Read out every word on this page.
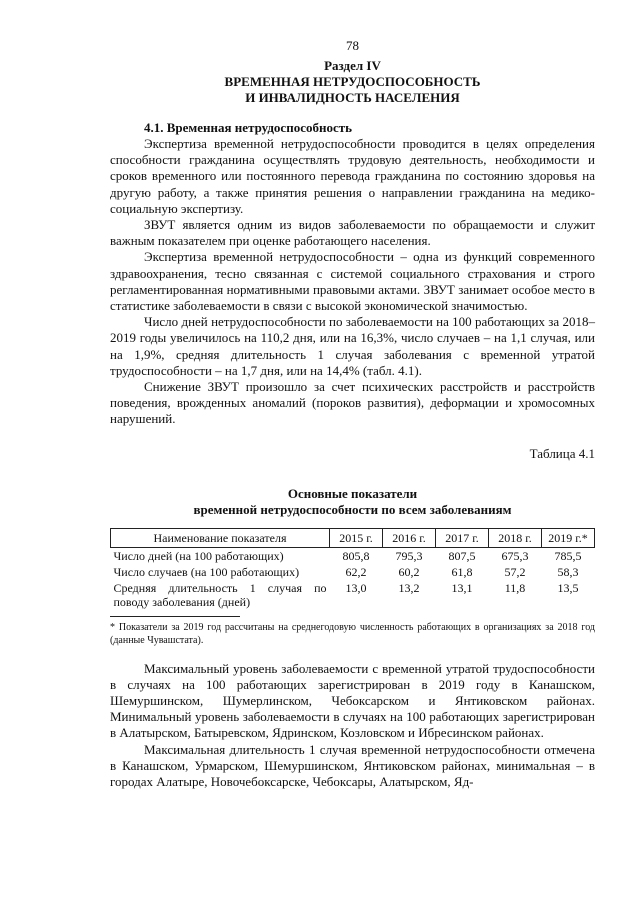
78
Раздел IV
ВРЕМЕННАЯ НЕТРУДОСПОСОБНОСТЬ
И ИНВАЛИДНОСТЬ НАСЕЛЕНИЯ
4.1. Временная нетрудоспособность

Экспертиза временной нетрудоспособности проводится в целях определения способности гражданина осуществлять трудовую деятельность, необходимости и сроков временного или постоянного перевода гражданина по состоянию здоровья на другую работу, а также принятия решения о направлении гражданина на медико-социальную экспертизу.

ЗВУТ является одним из видов заболеваемости по обращаемости и служит важным показателем при оценке работающего населения.

Экспертиза временной нетрудоспособности – одна из функций современного здравоохранения, тесно связанная с системой социального страхования и строго регламентированная нормативными правовыми актами. ЗВУТ занимает особое место в статистике заболеваемости в связи с высокой экономической значимостью.

Число дней нетрудоспособности по заболеваемости на 100 работающих за 2018–2019 годы увеличилось на 110,2 дня, или на 16,3%, число случаев – на 1,1 случая, или на 1,9%, средняя длительность 1 случая заболевания с временной утратой трудоспособности – на 1,7 дня, или на 14,4% (табл. 4.1).

Снижение ЗВУТ произошло за счет психических расстройств и расстройств поведения, врожденных аномалий (пороков развития), деформации и хромосомных нарушений.

Таблица 4.1
Основные показатели
временной нетрудоспособности по всем заболеваниям
Наименование показателя	2015 г.	2016 г.	2017 г.	2018 г.	2019 г.*
Число дней (на 100 работающих)	805,8	795,3	807,5	675,3	785,5
Число случаев (на 100 работающих)	62,2	60,2	61,8	57,2	58,3
Средняя длительность 1 случая по поводу заболевания (дней)	13,0	13,2	13,1	11,8	13,5

* Показатели за 2019 год рассчитаны на среднегодовую численность работающих в организациях за 2018 год (данные Чувашстата).

Максимальный уровень заболеваемости с временной утратой трудоспособности в случаях на 100 работающих зарегистрирован в 2019 году в Канашском, Шемуршинском, Шумерлинском, Чебоксарском и Янтиковском районах. Минимальный уровень заболеваемости в случаях на 100 работающих зарегистрирован в Алатырском, Батыревском, Ядринском, Козловском и Ибресинском районах.

Максимальная длительность 1 случая временной нетрудоспособности отмечена в Канашском, Урмарском, Шемуршинском, Янтиковском районах, минимальная – в городах Алатыре, Новочебоксарске, Чебоксары, Алатырском, Яд-
